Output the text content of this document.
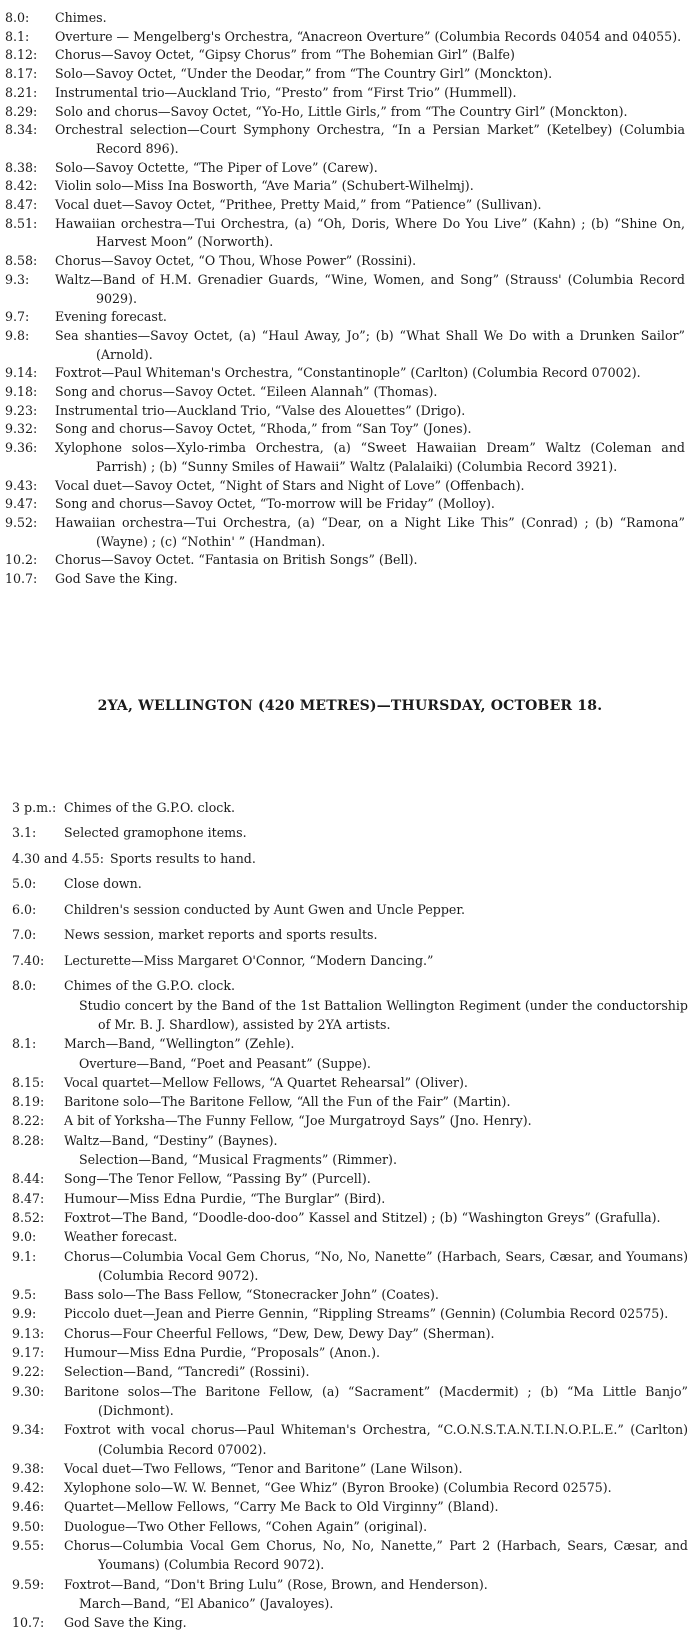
8.0: Chimes.
8.1: Overture — Mengelberg's Orchestra, “Anacreon Overture” (Columbia Records 04054 and 04055).
8.12: Chorus—Savoy Octet, “Gipsy Chorus” from “The Bohemian Girl” (Balfe)
8.17: Solo—Savoy Octet, “Under the Deodar,” from “The Country Girl” (Monckton).
8.21: Instrumental trio—Auckland Trio, “Presto” from “First Trio” (Hummell).
8.29: Solo and chorus—Savoy Octet, “Yo-Ho, Little Girls,” from “The Country Girl” (Monckton).
8.34: Orchestral selection—Court Symphony Orchestra, “In a Persian Market” (Ketelbey) (Columbia Record 896).
8.38: Solo—Savoy Octette, “The Piper of Love” (Carew).
8.42: Violin solo—Miss Ina Bosworth, “Ave Maria” (Schubert-Wilhelmj).
8.47: Vocal duet—Savoy Octet, “Prithee, Pretty Maid,” from “Patience” (Sullivan).
8.51: Hawaiian orchestra—Tui Orchestra, (a) “Oh, Doris, Where Do You Live” (Kahn) ; (b) “Shine On, Harvest Moon” (Norworth).
8.58: Chorus—Savoy Octet, “O Thou, Whose Power” (Rossini).
9.3: Waltz—Band of H.M. Grenadier Guards, “Wine, Women, and Song” (Strauss' (Columbia Record 9029).
9.7: Evening forecast.
9.8: Sea shanties—Savoy Octet, (a) “Haul Away, Jo”; (b) “What Shall We Do with a Drunken Sailor” (Arnold).
9.14: Foxtrot—Paul Whiteman's Orchestra, “Constantinople” (Carlton) (Columbia Record 07002).
9.18: Song and chorus—Savoy Octet. “Eileen Alannah” (Thomas).
9.23: Instrumental trio—Auckland Trio, “Valse des Alouettes” (Drigo).
9.32: Song and chorus—Savoy Octet, “Rhoda,” from “San Toy” (Jones).
9.36: Xylophone solos—Xylo-rimba Orchestra, (a) “Sweet Hawaiian Dream” Waltz (Coleman and Parrish) ; (b) “Sunny Smiles of Hawaii” Waltz (Palalaiki) (Columbia Record 3921).
9.43: Vocal duet—Savoy Octet, “Night of Stars and Night of Love” (Offenbach).
9.47: Song and chorus—Savoy Octet, “To-morrow will be Friday” (Molloy).
9.52: Hawaiian orchestra—Tui Orchestra, (a) “Dear, on a Night Like This” (Conrad) ; (b) “Ramona” (Wayne) ; (c) “Nothin' ” (Handman).
10.2: Chorus—Savoy Octet. “Fantasia on British Songs” (Bell).
10.7: God Save the King.
2YA, WELLINGTON (420 METRES)—THURSDAY, OCTOBER 18.
3 p.m.: Chimes of the G.P.O. clock.
3.1: Selected gramophone items.
4.30 and 4.55: Sports results to hand.
5.0: Close down.
6.0: Children's session conducted by Aunt Gwen and Uncle Pepper.
7.0: News session, market reports and sports results.
7.40: Lecturette—Miss Margaret O'Connor, “Modern Dancing.”
8.0: Chimes of the G.P.O. clock.
Studio concert by the Band of the 1st Battalion Wellington Regiment (under the conductorship of Mr. B. J. Shardlow), assisted by 2YA artists.
8.1: March—Band, “Wellington” (Zehle).
Overture—Band, “Poet and Peasant” (Suppe).
8.15: Vocal quartet—Mellow Fellows, “A Quartet Rehearsal” (Oliver).
8.19: Baritone solo—The Baritone Fellow, “All the Fun of the Fair” (Martin).
8.22: A bit of Yorksha—The Funny Fellow, “Joe Murgatroyd Says” (Jno. Henry).
8.28: Waltz—Band, “Destiny” (Baynes).
Selection—Band, “Musical Fragments” (Rimmer).
8.44: Song—The Tenor Fellow, “Passing By” (Purcell).
8.47: Humour—Miss Edna Purdie, “The Burglar” (Bird).
8.52: Foxtrot—The Band, “Doodle-doo-doo” Kassel and Stitzel) ; (b) “Washington Greys” (Grafulla).
9.0: Weather forecast.
9.1: Chorus—Columbia Vocal Gem Chorus, “No, No, Nanette” (Harbach, Sears, Cæsar, and Youmans) (Columbia Record 9072).
9.5: Bass solo—The Bass Fellow, “Stonecracker John” (Coates).
9.9: Piccolo duet—Jean and Pierre Gennin, “Rippling Streams” (Gennin) (Columbia Record 02575).
9.13: Chorus—Four Cheerful Fellows, “Dew, Dew, Dewy Day” (Sherman).
9.17: Humour—Miss Edna Purdie, “Proposals” (Anon.).
9.22: Selection—Band, “Tancredi” (Rossini).
9.30: Baritone solos—The Baritone Fellow, (a) “Sacrament” (Macdermit) ; (b) “Ma Little Banjo” (Dichmont).
9.34: Foxtrot with vocal chorus—Paul Whiteman's Orchestra, “C.O.N.S.T.A.N.T.I.N.O.P.L.E.” (Carlton) (Columbia Record 07002).
9.38: Vocal duet—Two Fellows, “Tenor and Baritone” (Lane Wilson).
9.42: Xylophone solo—W. W. Bennet, “Gee Whiz” (Byron Brooke) (Columbia Record 02575).
9.46: Quartet—Mellow Fellows, “Carry Me Back to Old Virginny” (Bland).
9.50: Duologue—Two Other Fellows, “Cohen Again” (original).
9.55: Chorus—Columbia Vocal Gem Chorus, No, No, Nanette,” Part 2 (Harbach, Sears, Cæsar, and Youmans) (Columbia Record 9072).
9.59: Foxtrot—Band, “Don't Bring Lulu” (Rose, Brown, and Henderson).
March—Band, “El Abanico” (Javaloyes).
10.7: God Save the King.
